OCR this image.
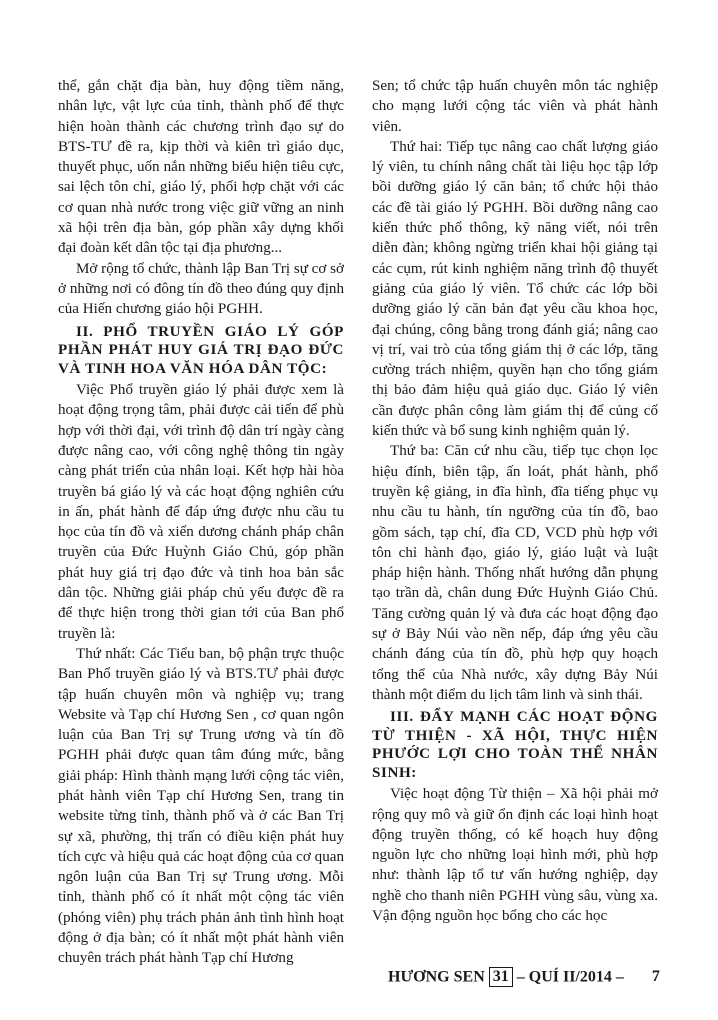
thể, gắn chặt địa bàn, huy động tiềm năng, nhân lực, vật lực của tỉnh, thành phố để thực hiện hoàn thành các chương trình đạo sự do BTS-TƯ đề ra, kịp thời và kiên trì giáo dục, thuyết phục, uốn nắn những biểu hiện tiêu cực, sai lệch tôn chỉ, giáo lý, phối hợp chặt với các cơ quan nhà nước trong việc giữ vững an ninh xã hội trên địa bàn, góp phần xây dựng khối đại đoàn kết dân tộc tại địa phương...

Mở rộng tổ chức, thành lập Ban Trị sự cơ sở ở những nơi có đông tín đồ theo đúng quy định của Hiến chương giáo hội PGHH.

II. PHỔ TRUYỀN GIÁO LÝ GÓP PHẦN PHÁT HUY GIÁ TRỊ ĐẠO ĐỨC VÀ TINH HOA VĂN HÓA DÂN TỘC:

Việc Phổ truyền giáo lý phải được xem là hoạt động trọng tâm, phải được cải tiến để phù hợp với thời đại, với trình độ dân trí ngày càng được nâng cao, với công nghệ thông tin ngày càng phát triển của nhân loại. Kết hợp hài hòa truyền bá giáo lý và các hoạt động nghiên cứu in ấn, phát hành để đáp ứng được nhu cầu tu học của tín đồ và xiển dương chánh pháp chân truyền của Đức Huỳnh Giáo Chủ, góp phần phát huy giá trị đạo đức và tinh hoa bản sắc dân tộc. Những giải pháp chủ yếu được đề ra để thực hiện trong thời gian tới của Ban phổ truyền là:

Thứ nhất: Các Tiểu ban, bộ phận trực thuộc Ban Phổ truyền giáo lý và BTS.TƯ phải được tập huấn chuyên môn và nghiệp vụ; trang Website và Tạp chí Hương Sen , cơ quan ngôn luận của Ban Trị sự Trung ương và tín đồ PGHH phải được quan tâm đúng mức, bằng giải pháp: Hình thành mạng lưới cộng tác viên, phát hành viên Tạp chí Hương Sen, trang tin website từng tỉnh, thành phố và ở các Ban Trị sự xã, phường, thị trấn có điều kiện phát huy tích cực và hiệu quả các hoạt động của cơ quan ngôn luận của Ban Trị sự Trung ương. Mỗi tỉnh, thành phố có ít nhất một cộng tác viên (phóng viên) phụ trách phản ảnh tình hình hoạt động ở địa bàn; có ít nhất một phát hành viên chuyên trách phát hành Tạp chí Hương

Sen; tổ chức tập huấn chuyên môn tác nghiệp cho mạng lưới cộng tác viên và phát hành viên.

Thứ hai: Tiếp tục nâng cao chất lượng giáo lý viên, tu chính nâng chất tài liệu học tập lớp bồi dưỡng giáo lý căn bản; tổ chức hội thảo các đề tài giáo lý PGHH. Bồi dưỡng nâng cao kiến thức phổ thông, kỹ năng viết, nói trên diễn đàn; không ngừng triển khai hội giảng tại các cụm, rút kinh nghiệm năng trình độ thuyết giảng của giáo lý viên. Tổ chức các lớp bồi dưỡng giáo lý căn bản đạt yêu cầu khoa học, đại chúng, công bằng trong đánh giá; nâng cao vị trí, vai trò của tổng giám thị ở các lớp, tăng cường trách nhiệm, quyền hạn cho tổng giám thị bảo đảm hiệu quả giáo dục. Giáo lý viên cần được phân công làm giám thị để củng cố kiến thức và bổ sung kinh nghiệm quản lý.

Thứ ba: Căn cứ nhu cầu, tiếp tục chọn lọc hiệu đính, biên tập, ấn loát, phát hành, phổ truyền kệ giảng, in đĩa hình, đĩa tiếng phục vụ nhu cầu tu hành, tín ngưỡng của tín đồ, bao gồm sách, tạp chí, đĩa CD, VCD phù hợp với tôn chỉ hành đạo, giáo lý, giáo luật và luật pháp hiện hành. Thống nhất hướng dẫn phụng tạo trần dà, chân dung Đức Huỳnh Giáo Chủ. Tăng cường quản lý và đưa các hoạt động đạo sự ở Bảy Núi vào nền nếp, đáp ứng yêu cầu chánh đáng của tín đồ, phù hợp quy hoạch tổng thể của Nhà nước, xây dựng Bảy Núi thành một điểm du lịch tâm linh và sinh thái.

III. ĐẨY MẠNH CÁC HOẠT ĐỘNG TỪ THIỆN - XÃ HỘI, THỰC HIỆN PHƯỚC LỢI CHO TOÀN THỂ NHÂN SINH:

Việc hoạt động Từ thiện – Xã hội phải mở rộng quy mô và giữ ổn định các loại hình hoạt động truyền thống, có kế hoạch huy động nguồn lực cho những loại hình mới, phù hợp như: thành lập tổ tư vấn hướng nghiệp, dạy nghề cho thanh niên PGHH vùng sâu, vùng xa. Vận động nguồn học bổng cho các học

HƯƠNG SEN 31 – QUÍ II/2014 – 7
